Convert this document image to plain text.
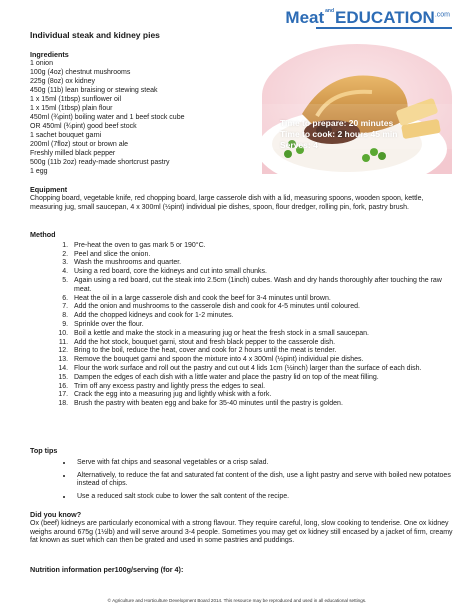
$Meat^{and}EDUCATION^{.com}$
Individual steak and kidney pies
Ingredients
1 onion
100g (4oz) chestnut mushrooms
225g (8oz) ox kidney
450g (11b) lean braising or stewing steak
1 x 15ml (1tbsp) sunflower oil
1 x 15ml (1tbsp) plain flour
450ml (¾pint) boiling water and 1 beef stock cube
OR 450ml (¾pint) good beef stock
1 sachet bouquet garni
200ml (7floz) stout or brown ale
Freshly milled black pepper
500g (11b 2oz) ready-made shortcrust pastry
1 egg
Time to prepare: 20 minutes
Time to cook: 2 hours 45 min
Serves: 4
Equipment
Chopping board, vegetable knife, red chopping board, large casserole dish with a lid, measuring spoons, wooden spoon, kettle, measuring jug, small saucepan, 4 x 300ml (½pint) individual pie dishes, spoon, flour dredger, rolling pin, fork, pastry brush.
Method
1. Pre-heat the oven to gas mark 5 or 190°C.
2. Peel and slice the onion.
3. Wash the mushrooms and quarter.
4. Using a red board, core the kidneys and cut into small chunks.
5. Again using a red board, cut the steak into 2.5cm (1inch) cubes. Wash and dry hands thoroughly after touching the raw meat.
6. Heat the oil in a large casserole dish and cook the beef for 3-4 minutes until brown.
7. Add the onion and mushrooms to the casserole dish and cook for 4-5 minutes until coloured.
8. Add the chopped kidneys and cook for 1-2 minutes.
9. Sprinkle over the flour.
10. Boil a kettle and make the stock in a measuring jug or heat the fresh stock in a small saucepan.
11. Add the hot stock, bouquet garni, stout and fresh black pepper to the casserole dish.
12. Bring to the boil, reduce the heat, cover and cook for 2 hours until the meat is tender.
13. Remove the bouquet garni and spoon the mixture into 4 x 300ml (½pint) individual pie dishes.
14. Flour the work surface and roll out the pastry and cut out 4 lids 1cm (½inch) larger than the surface of each dish.
15. Dampen the edges of each dish with a little water and place the pastry lid on top of the meat filling.
16. Trim off any excess pastry and lightly press the edges to seal.
17. Crack the egg into a measuring jug and lightly whisk with a fork.
18. Brush the pastry with beaten egg and bake for 35-40 minutes until the pastry is golden.
Top tips
• Serve with fat chips and seasonal vegetables or a crisp salad.
• Alternatively, to reduce the fat and saturated fat content of the dish, use a light pastry and serve with boiled new potatoes instead of chips.
• Use a reduced salt stock cube to lower the salt content of the recipe.
Did you know?
Ox (beef) kidneys are particularly economical with a strong flavour. They require careful, long, slow cooking to tenderise. One ox kidney weighs around 675g (1½lb) and will serve around 3-4 people. Sometimes you may get ox kidney still encased by a jacket of firm, creamy fat known as suet which can then be grated and used in some pastries and puddings.
Nutrition information per100g/serving (for 4):
© Agriculture and Horticulture Development Board 2014. This resource may be reproduced and used in all educational settings.
